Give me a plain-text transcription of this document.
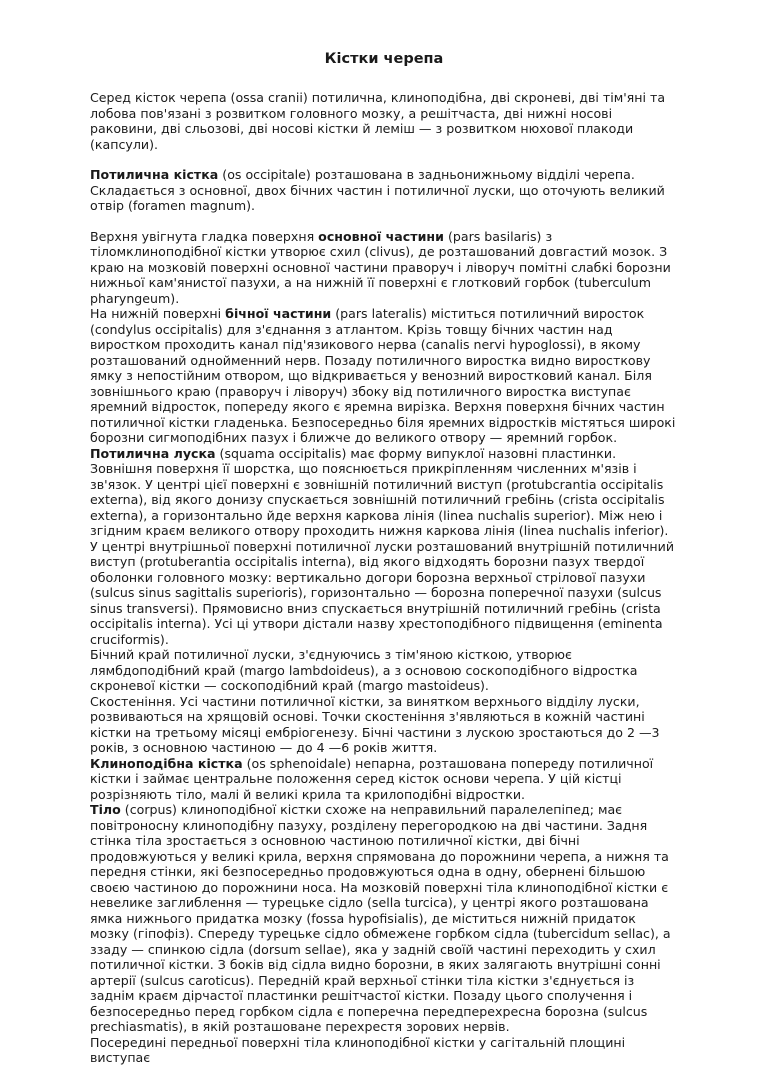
Кістки черепа

Серед кісток черепа (ossa cranii) потилична, клиноподібна, дві скроневі, дві тім'яні та лобова пов'язані з розвитком головного мозку, а решітчаста, дві нижні носові раковини, дві сльозові, дві носові кістки й леміш — з розвитком нюхової плакоди (капсули).

Потилична кістка (os occipitale) розташована в задньонижньому відділі черепа. Складається з основної, двох бічних частин і потиличної луски, що оточують великий отвір (foramen magnum).

Верхня увігнута гладка поверхня основної частини (pars basilaris) з тіломклиноподібної кістки утворює схил (clivus), де розташований довгастий мозок. З краю на мозковій поверхні основної частини праворуч і ліворуч помітні слабкі борозни нижньої кам'янистої пазухи, а на нижній її поверхні є глотковий горбок (tuberculum pharyngeum).

На нижній поверхні бічної частини (pars lateralis) міститься потиличний виросток (condylus occipitalis) для з'єднання з атлантом. Крізь товщу бічних частин над виростком проходить канал під'язикового нерва (canalis nervi hypoglossi), в якому розташований однойменний нерв. Позаду потиличного виростка видно виросткову ямку з непостійним отвором, що відкривається у венозний виростковий канал. Біля зовнішнього краю (праворуч і ліворуч) збоку від потиличного виростка виступає яремний відросток, попереду якого є яремна вирізка. Верхня поверхня бічних частин потиличної кістки гладенька. Безпосередньо біля яремних відростків містяться широкі борозни сигмоподібних пазух і ближче до великого отвору — яремний горбок.

Потилична луска (squama occipitalis) має форму випуклої назовні пластинки. Зовнішня поверхня її шорстка, що пояснюється прикріпленням численних м'язів і зв'язок. У центрі цієї поверхні є зовнішній потиличний виступ (protubcrantia occipitalis externa), від якого донизу спускається зовнішній потиличний гребінь (crista occipitalis externa), а горизонтально йде верхня каркова лінія (linea nuchalis superior). Між нею і згідним краєм великого отвору проходить нижня каркова лінія (linea nuchalis inferior). У центрі внутрішньої поверхні потиличної луски розташований внутрішній потиличний виступ (protuberantia occipitalis interna), від якого відходять борозни пазух твердої оболонки головного мозку: вертикально догори борозна верхньої стрілової пазухи (sulcus sinus sagittalis superioris), горизонтально — борозна поперечної пазухи (sulcus sinus transversi). Прямовисно вниз спускається внутрішній потиличний гребінь (crista occipitalis interna). Усі ці утвори дістали назву хрестоподібного підвищення (eminenta cruciformis).

Бічний край потиличної луски, з'єднуючись з тім'яною кісткою, утворює лямбдоподібний край (margo lambdoideus), а з основою соскоподібного відростка скроневої кістки — соскоподібний край (margo mastoideus).

Скостеніння. Усі частини потиличної кістки, за винятком верхнього відділу луски, розвиваються на хрящовій основі. Точки скостеніння з'являються в кожній частині кістки на третьому місяці ембріогенезу. Бічні частини з лускою зростаються до 2 —3 років, з основною частиною — до 4 —6 років життя.

Клиноподібна кістка (os sphenoidale) непарна, розташована попереду потиличної кістки і займає центральне положення серед кісток основи черепа. У цій кістці розрізняють тіло, малі й великі крила та крилоподібні відростки.

Тіло (corpus) клиноподібної кістки схоже на неправильний паралелепіпед; має повітроносну клиноподібну пазуху, розділену перегородкою на дві частини. Задня стінка тіла зростається з основною частиною потиличної кістки, дві бічні продовжуються у великі крила, верхня спрямована до порожнини черепа, а нижня та передня стінки, які безпосередньо продовжуються одна в одну, обернені більшою своєю частиною до порожнини носа. На мозковій поверхні тіла клиноподібної кістки є невелике заглиблення — турецьке сідло (sella turcica), у центрі якого розташована ямка нижнього придатка мозку (fossa hypofisialis), де міститься нижній придаток мозку (гіпофіз). Спереду турецьке сідло обмежене горбком сідла (tubercidum sellac), а ззаду — спинкою сідла (dorsum sellae), яка у задній своїй частині переходить у схил потиличної кістки. З боків від сідла видно борозни, в яких залягають внутрішні сонні артерії (sulcus caroticus). Передній край верхньої стінки тіла кістки з'єднується із заднім краєм дірчастої пластинки решітчастої кістки. Позаду цього сполучення і безпосередньо перед горбком сідла є поперечна передперехресна борозна (sulcus prechiasmatis), в якій розташоване перехрестя зорових нервів.

Посередині передньої поверхні тіла клиноподібної кістки у сагітальній площині виступає
